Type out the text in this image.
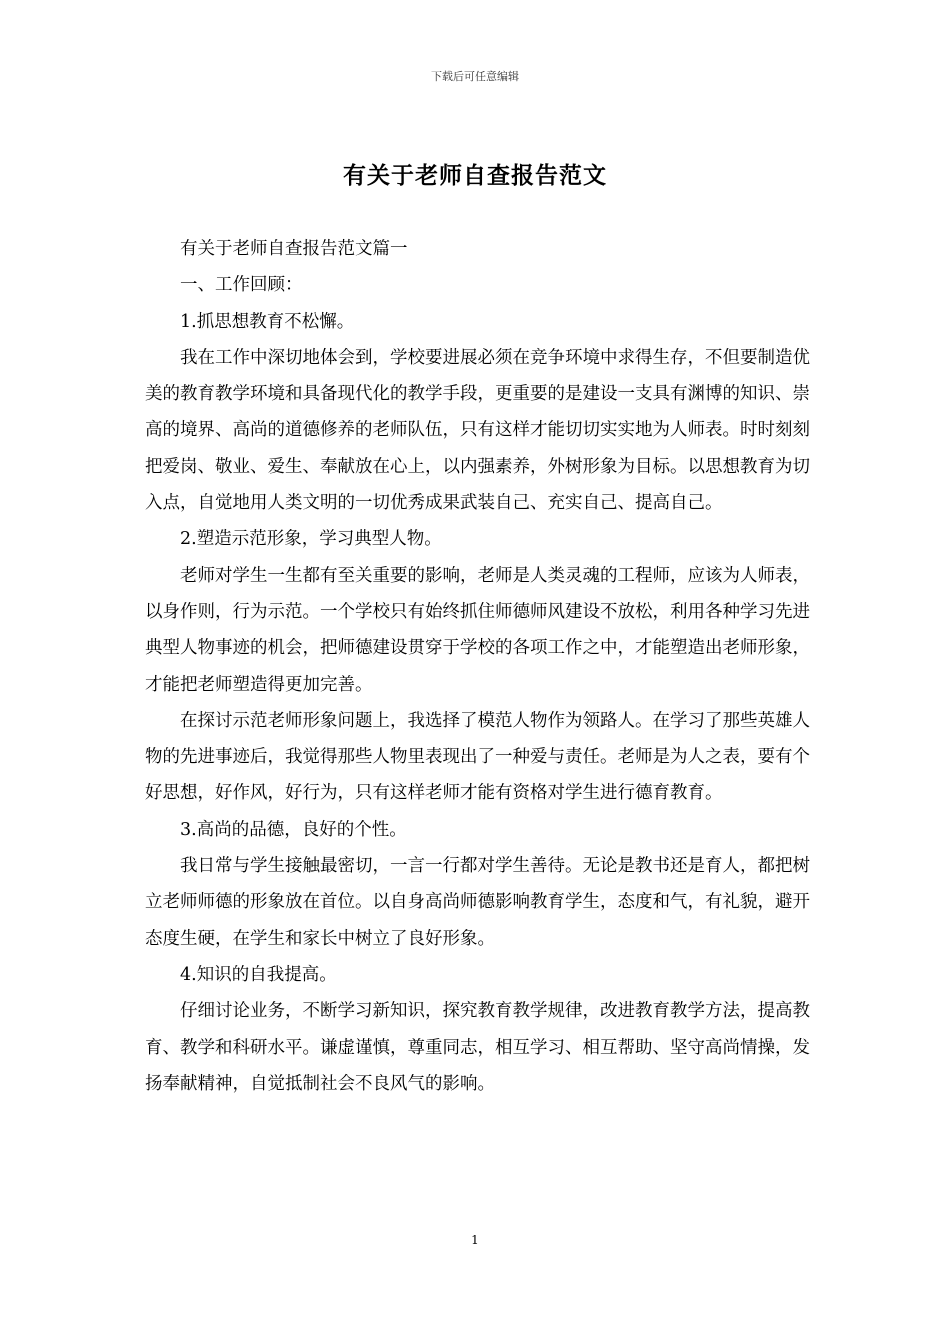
下载后可任意编辑
有关于老师自查报告范文

有关于老师自查报告范文篇一

一、工作回顾：

1.抓思想教育不松懈。

我在工作中深切地体会到，学校要进展必须在竞争环境中求得生存，不但要制造优美的教育教学环境和具备现代化的教学手段，更重要的是建设一支具有渊博的知识、崇高的境界、高尚的道德修养的老师队伍，只有这样才能切切实实地为人师表。时时刻刻把爱岗、敬业、爱生、奉献放在心上，以内强素养，外树形象为目标。以思想教育为切入点，自觉地用人类文明的一切优秀成果武装自己、充实自己、提高自己。

2.塑造示范形象，学习典型人物。

老师对学生一生都有至关重要的影响，老师是人类灵魂的工程师，应该为人师表，以身作则，行为示范。一个学校只有始终抓住师德师风建设不放松，利用各种学习先进典型人物事迹的机会，把师德建设贯穿于学校的各项工作之中，才能塑造出老师形象，才能把老师塑造得更加完善。

在探讨示范老师形象问题上，我选择了模范人物作为领路人。在学习了那些英雄人物的先进事迹后，我觉得那些人物里表现出了一种爱与责任。老师是为人之表，要有个好思想，好作风，好行为，只有这样老师才能有资格对学生进行德育教育。

3.高尚的品德，良好的个性。

我日常与学生接触最密切，一言一行都对学生善待。无论是教书还是育人，都把树立老师师德的形象放在首位。以自身高尚师德影响教育学生，态度和气，有礼貌，避开态度生硬，在学生和家长中树立了良好形象。

4.知识的自我提高。

仔细讨论业务，不断学习新知识，探究教育教学规律，改进教育教学方法，提高教育、教学和科研水平。谦虚谨慎，尊重同志，相互学习、相互帮助、坚守高尚情操，发扬奉献精神，自觉抵制社会不良风气的影响。

1
